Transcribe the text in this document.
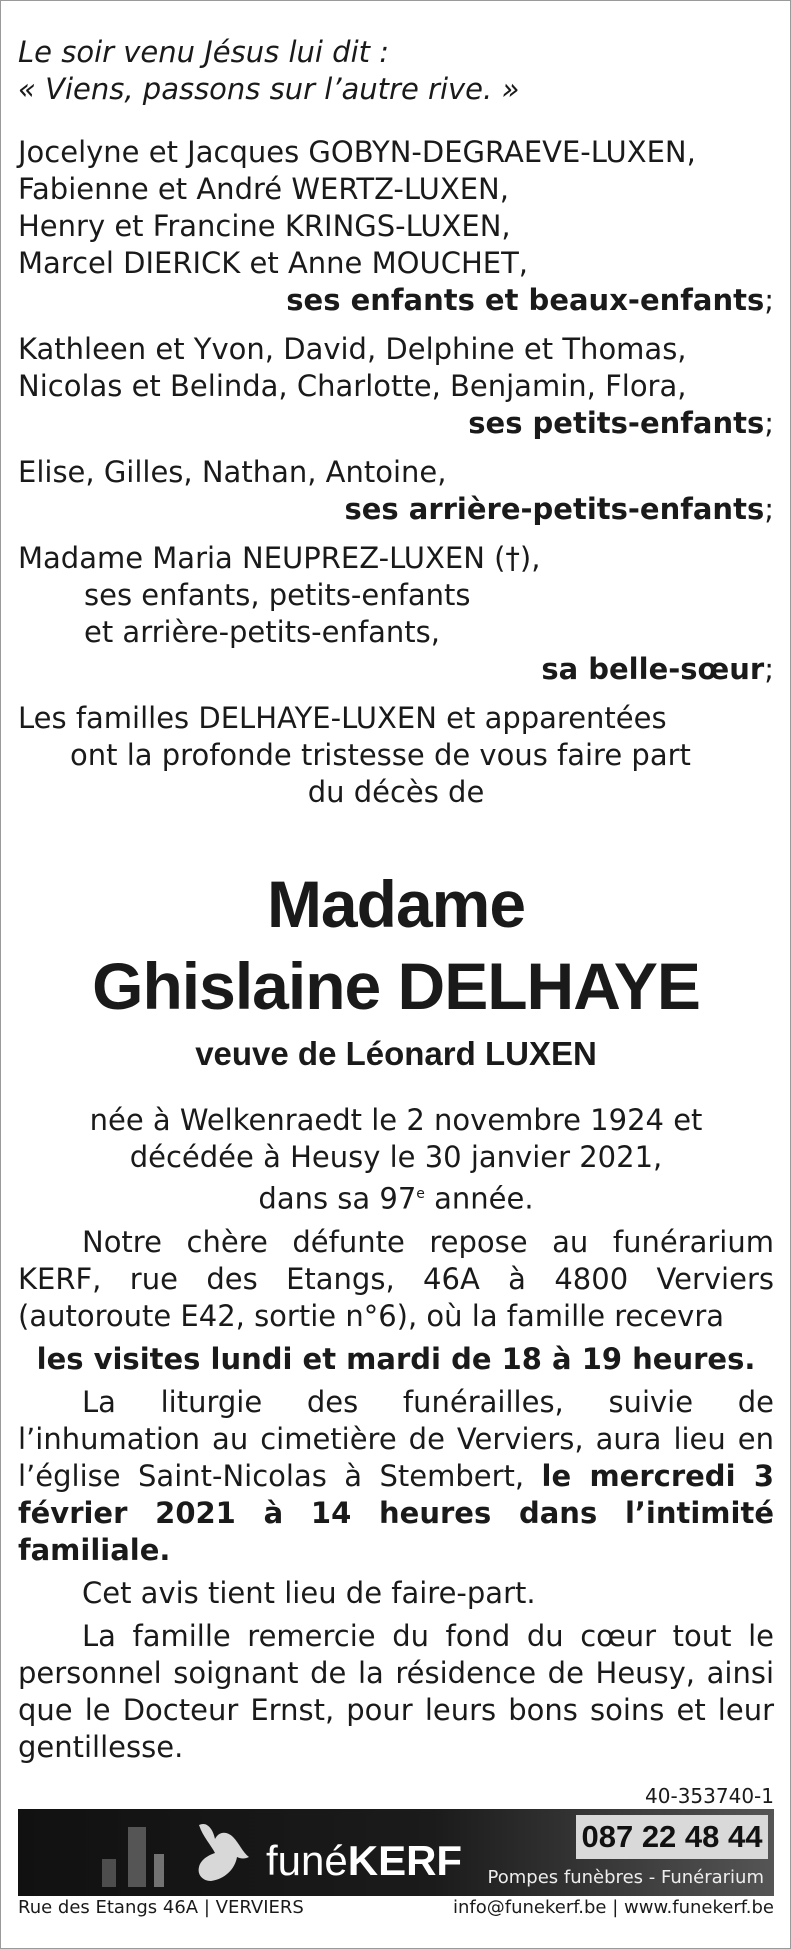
Le soir venu Jésus lui dit :
« Viens, passons sur l’autre rive. »
Jocelyne et Jacques GOBYN-DEGRAEVE-LUXEN,
Fabienne et André WERTZ-LUXEN,
Henry et Francine KRINGS-LUXEN,
Marcel DIERICK et Anne MOUCHET,
ses enfants et beaux-enfants;
Kathleen et Yvon, David, Delphine et Thomas,
Nicolas et Belinda, Charlotte, Benjamin, Flora,
ses petits-enfants;
Elise, Gilles, Nathan, Antoine,
ses arrière-petits-enfants;
Madame Maria NEUPREZ-LUXEN (†),
ses enfants, petits-enfants
et arrière-petits-enfants,
sa belle-sœur;
Les familles DELHAYE-LUXEN et apparentées
ont la profonde tristesse de vous faire part
du décès de
Madame
Ghislaine DELHAYE
veuve de Léonard LUXEN
née à Welkenraedt le 2 novembre 1924 et
décédée à Heusy le 30 janvier 2021,
dans sa 97e année.

Notre chère défunte repose au funérarium KERF, rue des Etangs, 46A à 4800 Verviers (autoroute E42, sortie n°6), où la famille recevra

les visites lundi et mardi de 18 à 19 heures.

La liturgie des funérailles, suivie de l’inhumation au cimetière de Verviers, aura lieu en l’église Saint-Nicolas à Stembert, le mercredi 3 février 2021 à 14 heures dans l’intimité familiale.

Cet avis tient lieu de faire-part.

La famille remercie du fond du cœur tout le personnel soignant de la résidence de Heusy, ainsi que le Docteur Ernst, pour leurs bons soins et leur gentillesse.

40-353740-1
funéKERF
087 22 48 44
Pompes funèbres - Funérarium
Rue des Etangs 46A | VERVIERS	info@funekerf.be | www.funekerf.be
